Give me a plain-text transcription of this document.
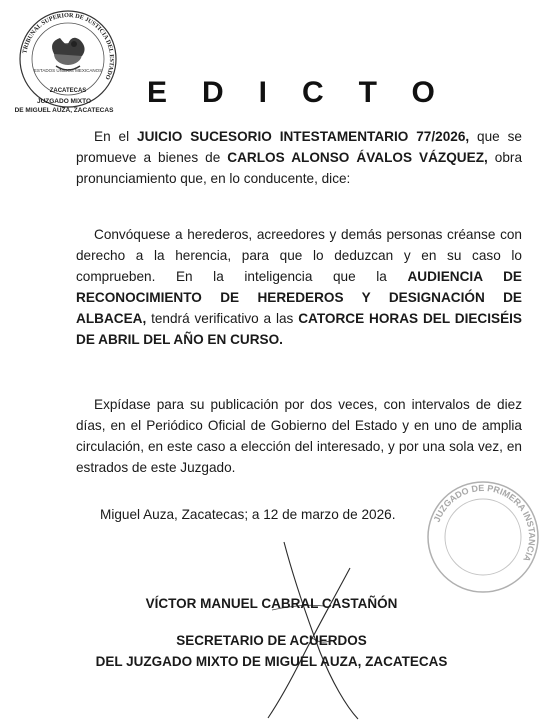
TRIBUNAL SUPERIOR DE JUSTICIA DEL ESTADO
ESTADOS UNIDOS MEXICANOS
ZACATECAS
JUZGADO MIXTO
DE MIGUEL AUZA, ZACATECAS
EDICTO
En el JUICIO SUCESORIO INTESTAMENTARIO 77/2026, que se promueve a bienes de CARLOS ALONSO ÁVALOS VÁZQUEZ, obra pronunciamiento que, en lo conducente, dice:
Convóquese a herederos, acreedores y demás personas créanse con derecho a la herencia, para que lo deduzcan y en su caso lo comprueben. En la inteligencia que la AUDIENCIA DE RECONOCIMIENTO DE HEREDEROS Y DESIGNACIÓN DE ALBACEA, tendrá verificativo a las CATORCE HORAS DEL DIECISÉIS DE ABRIL DEL AÑO EN CURSO.
Expídase para su publicación por dos veces, con intervalos de diez días, en el Periódico Oficial de Gobierno del Estado y en uno de amplia circulación, en este caso a elección del interesado, y por una sola vez, en estrados de este Juzgado.
Miguel Auza, Zacatecas; a 12 de marzo de 2026.	JUZGADO DE PRIMERA INSTANCIA
VÍCTOR MANUEL CABRAL CASTAÑÓN
SECRETARIO DE ACUERDOS
DEL JUZGADO MIXTO DE MIGUEL AUZA, ZACATECAS
